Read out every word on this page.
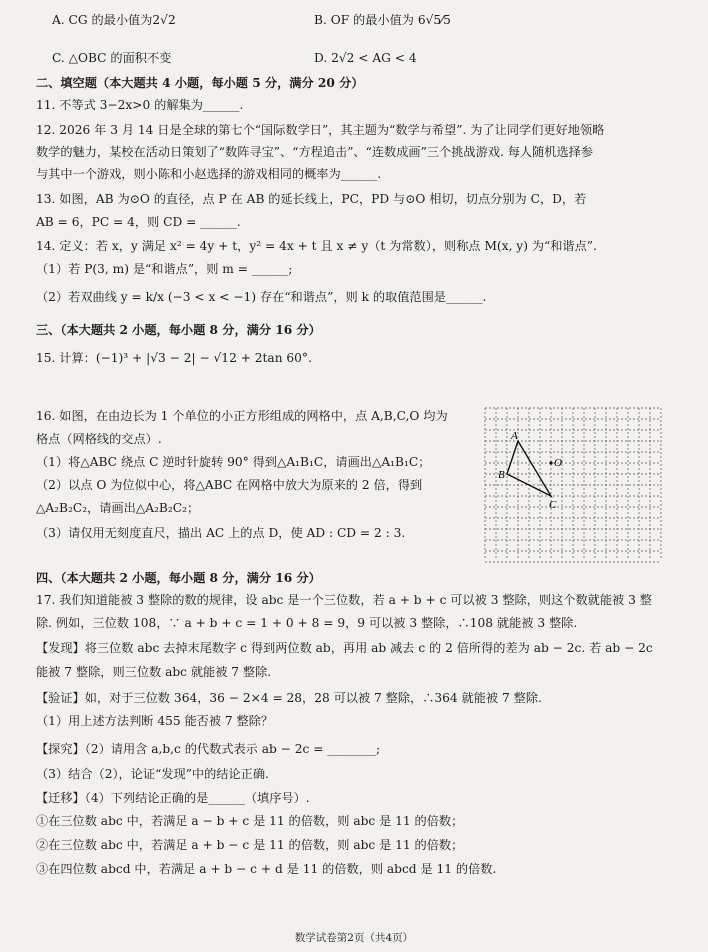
A. CG 的最小值为2√2	B. OF 的最小值为 6√5⁄5
C. △OBC 的面积不变	D. 2√2 < AG < 4
二、填空题（本大题共 4 小题，每小题 5 分，满分 20 分）
11. 不等式 3−2x>0 的解集为______.
12. 2026 年 3 月 14 日是全球的第七个“国际数学日”，其主题为“数学与希望”. 为了让同学们更好地领略
数学的魅力，某校在活动日策划了“数阵寻宝”、“方程追击”、“连数成画”三个挑战游戏. 每人随机选择参
与其中一个游戏，则小陈和小赵选择的游戏相同的概率为______.
13. 如图，AB 为⊙O 的直径，点 P 在 AB 的延长线上，PC，PD 与⊙O 相切，切点分别为 C，D，若
AB = 6，PC = 4，则 CD = ______.
14. 定义：若 x，y 满足 x² = 4y + t，y² = 4x + t 且 x ≠ y（t 为常数），则称点 M(x, y) 为“和谐点”.
（1）若 P(3, m) 是“和谐点”，则 m = ______;
（2）若双曲线 y = k/x (−3 < x < −1) 存在“和谐点”，则 k 的取值范围是______.
三、（本大题共 2 小题，每小题 8 分，满分 16 分）
15. 计算：(−1)³ + |√3 − 2| − √12 + 2tan 60°.
16. 如图，在由边长为 1 个单位的小正方形组成的网格中，点 A,B,C,O 均为
格点（网格线的交点）.
（1）将△ABC 绕点 C 逆时针旋转 90° 得到△A₁B₁C，请画出△A₁B₁C；
（2）以点 O 为位似中心，将△ABC 在网格中放大为原来的 2 倍，得到
△A₂B₂C₂，请画出△A₂B₂C₂；
（3）请仅用无刻度直尺，描出 AC 上的点 D，使 AD : CD = 2 : 3.
A
B
C
O
四、（本大题共 2 小题，每小题 8 分，满分 16 分）
17. 我们知道能被 3 整除的数的规律，设 abc 是一个三位数，若 a + b + c 可以被 3 整除，则这个数就能被 3 整
除. 例如，三位数 108，∵ a + b + c = 1 + 0 + 8 = 9，9 可以被 3 整除，∴108 就能被 3 整除.
【发现】将三位数 abc 去掉末尾数字 c 得到两位数 ab，再用 ab 减去 c 的 2 倍所得的差为 ab − 2c. 若 ab − 2c
能被 7 整除，则三位数 abc 就能被 7 整除.
【验证】如，对于三位数 364，36 − 2×4 = 28，28 可以被 7 整除，∴364 就能被 7 整除.
（1）用上述方法判断 455 能否被 7 整除？
【探究】（2）请用含 a,b,c 的代数式表示 ab − 2c = ________;
（3）结合（2），论证“发现”中的结论正确.
【迁移】（4）下列结论正确的是______（填序号）.
①在三位数 abc 中，若满足 a − b + c 是 11 的倍数，则 abc 是 11 的倍数；
②在三位数 abc 中，若满足 a + b − c 是 11 的倍数，则 abc 是 11 的倍数；
③在四位数 abcd 中，若满足 a + b − c + d 是 11 的倍数，则 abcd 是 11 的倍数.
数学试卷第2页（共4页）
